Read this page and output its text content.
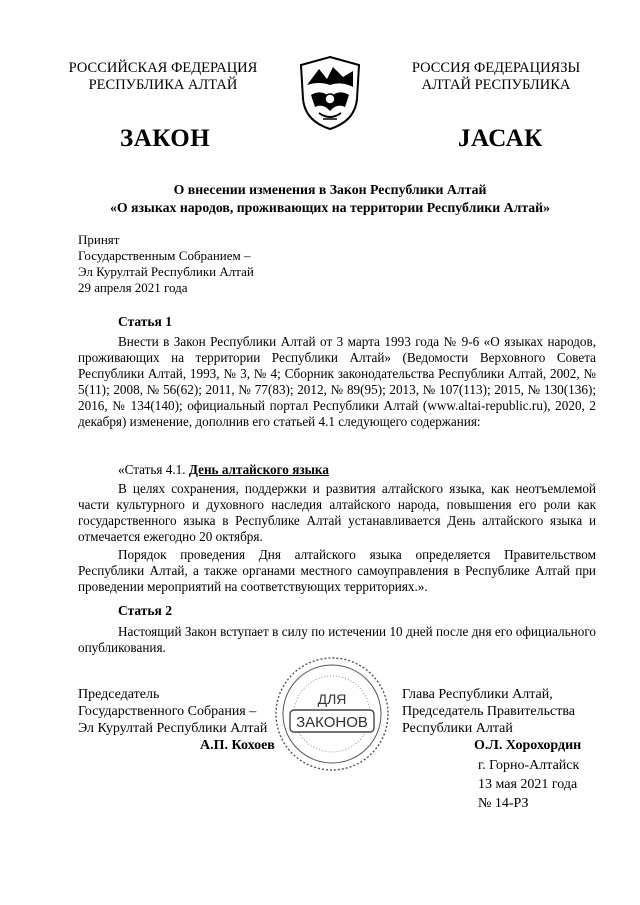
РОССИЙСКАЯ ФЕДЕРАЦИЯ
РЕСПУБЛИКА АЛТАЙ
РОССИЯ ФЕДЕРАЦИЯЗЫ
АЛТАЙ РЕСПУБЛИКА
ЗАКОН	ЈАСАК
О внесении изменения в Закон Республики Алтай
«О языках народов, проживающих на территории Республики Алтай»
Принят
Государственным Собранием –
Эл Курултай Республики Алтай
29 апреля 2021 года
Статья 1
Внести в Закон Республики Алтай от 3 марта 1993 года № 9-6 «О языках народов, проживающих на территории Республики Алтай» (Ведомости Верховного Совета Республики Алтай, 1993, № 3, № 4; Сборник законодательства Республики Алтай, 2002, № 5(11); 2008, № 56(62); 2011, № 77(83); 2012, № 89(95); 2013, № 107(113); 2015, № 130(136); 2016, № 134(140); официальный портал Республики Алтай (www.altai-republic.ru), 2020, 2 декабря) изменение, дополнив его статьей 4.1 следующего содержания:
«Статья 4.1. День алтайского языка
В целях сохранения, поддержки и развития алтайского языка, как неотъемлемой части культурного и духовного наследия алтайского народа, повышения его роли как государственного языка в Республике Алтай устанавливается День алтайского языка и отмечается ежегодно 20 октября.
Порядок проведения Дня алтайского языка определяется Правительством Республики Алтай, а также органами местного самоуправления в Республике Алтай при проведении мероприятий на соответствующих территориях.».
Статья 2
Настоящий Закон вступает в силу по истечении 10 дней после дня его официального опубликования.
Председатель
Государственного Собрания –
Эл Курултай Республики Алтай
А.П. Кохоев
ДЛЯ
ЗАКОНОВ
Глава Республики Алтай,
Председатель Правительства
Республики Алтай
О.Л. Хорохордин
г. Горно-Алтайск
13 мая 2021 года
№ 14-РЗ
